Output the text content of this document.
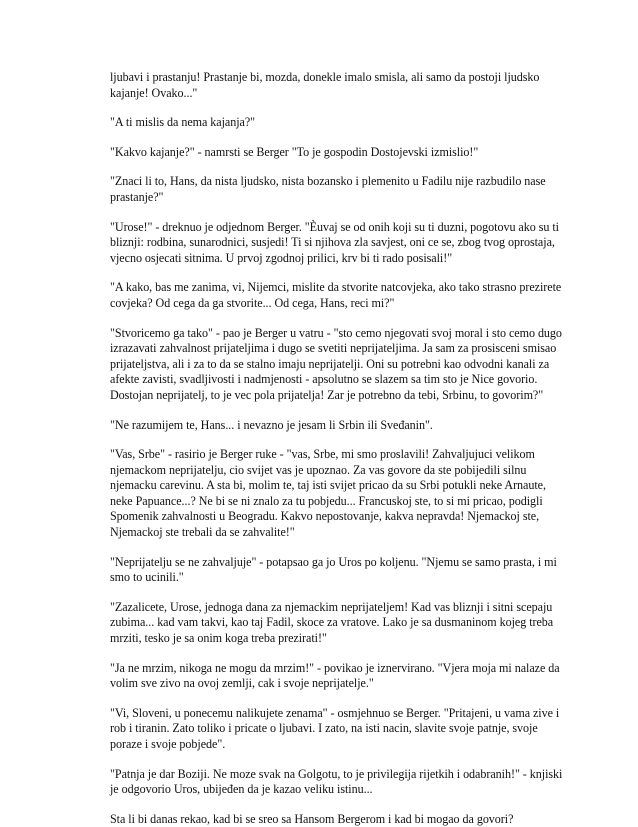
ljubavi i prastanju! Prastanje bi, mozda, donekle imalo smisla, ali samo da postoji ljudsko kajanje! Ovako..."

"A ti mislis da nema kajanja?"

"Kakvo kajanje?" - namrsti se Berger "To je gospodin Dostojevski izmislio!"

"Znaci li to, Hans, da nista ljudsko, nista bozansko i plemenito u Fadilu nije razbudilo nase prastanje?"

"Urose!" - dreknuo je odjednom Berger. "Èuvaj se od onih koji su ti duzni, pogotovu ako su ti bliznji: rodbina, sunarodnici, susjedi! Ti si njihova zla savjest, oni ce se, zbog tvog oprostaja, vjecno osjecati sitnima. U prvoj zgodnoj prilici, krv bi ti rado posisali!"

"A kako, bas me zanima, vi, Nijemci, mislite da stvorite natcovjeka, ako tako strasno prezirete covjeka? Od cega da ga stvorite... Od cega, Hans, reci mi?"

"Stvoricemo ga tako" - pao je Berger u vatru - "sto cemo njegovati svoj moral i sto cemo dugo izrazavati zahvalnost prijateljima i dugo se svetiti neprijateljima. Ja sam za prosisceni smisao prijateljstva, ali i za to da se stalno imaju neprijatelji. Oni su potrebni kao odvodni kanali za afekte zavisti, svadljivosti i nadmjenosti - apsolutno se slazem sa tim sto je Nice govorio. Dostojan neprijatelj, to je vec pola prijatelja! Zar je potrebno da tebi, Srbinu, to govorim?"

"Ne razumijem te, Hans... i nevazno je jesam li Srbin ili Sveđanin".

"Vas, Srbe" - rasirio je Berger ruke - "vas, Srbe, mi smo proslavili! Zahvaljujuci velikom njemackom neprijatelju, cio svijet vas je upoznao. Za vas govore da ste pobijedili silnu njemacku carevinu. A sta bi, molim te, taj isti svijet pricao da su Srbi potukli neke Arnaute, neke Papuance...? Ne bi se ni znalo za tu pobjedu... Francuskoj ste, to si mi pricao, podigli Spomenik zahvalnosti u Beogradu. Kakvo nepostovanje, kakva nepravda! Njemackoj ste, Njemackoj ste trebali da se zahvalite!"

"Neprijatelju se ne zahvaljuje" - potapsao ga jo Uros po koljenu. "Njemu se samo prasta, i mi smo to ucinili."

"Zazalicete, Urose, jednoga dana za njemackim neprijateljem! Kad vas bliznji i sitni scepaju zubima... kad vam takvi, kao taj Fadil, skoce za vratove. Lako je sa dusmaninom kojeg treba mrziti, tesko je sa onim koga treba prezirati!"

"Ja ne mrzim, nikoga ne mogu da mrzim!" - povikao je iznervirano. "Vjera moja mi nalaze da volim sve zivo na ovoj zemlji, cak i svoje neprijatelje."

"Vi, Sloveni, u ponecemu nalikujete zenama" - osmjehnuo se Berger. "Pritajeni, u vama zive i rob i tiranin. Zato toliko i pricate o ljubavi. I zato, na isti nacin, slavite svoje patnje, svoje poraze i svoje pobjede".

"Patnja je dar Boziji. Ne moze svak na Golgotu, to je privilegija rijetkih i odabranih!" - knjiski je odgovorio Uros, ubijeđen da je kazao veliku istinu...

Sta li bi danas rekao, kad bi se sreo sa Hansom Bergerom i kad bi mogao da govori?
